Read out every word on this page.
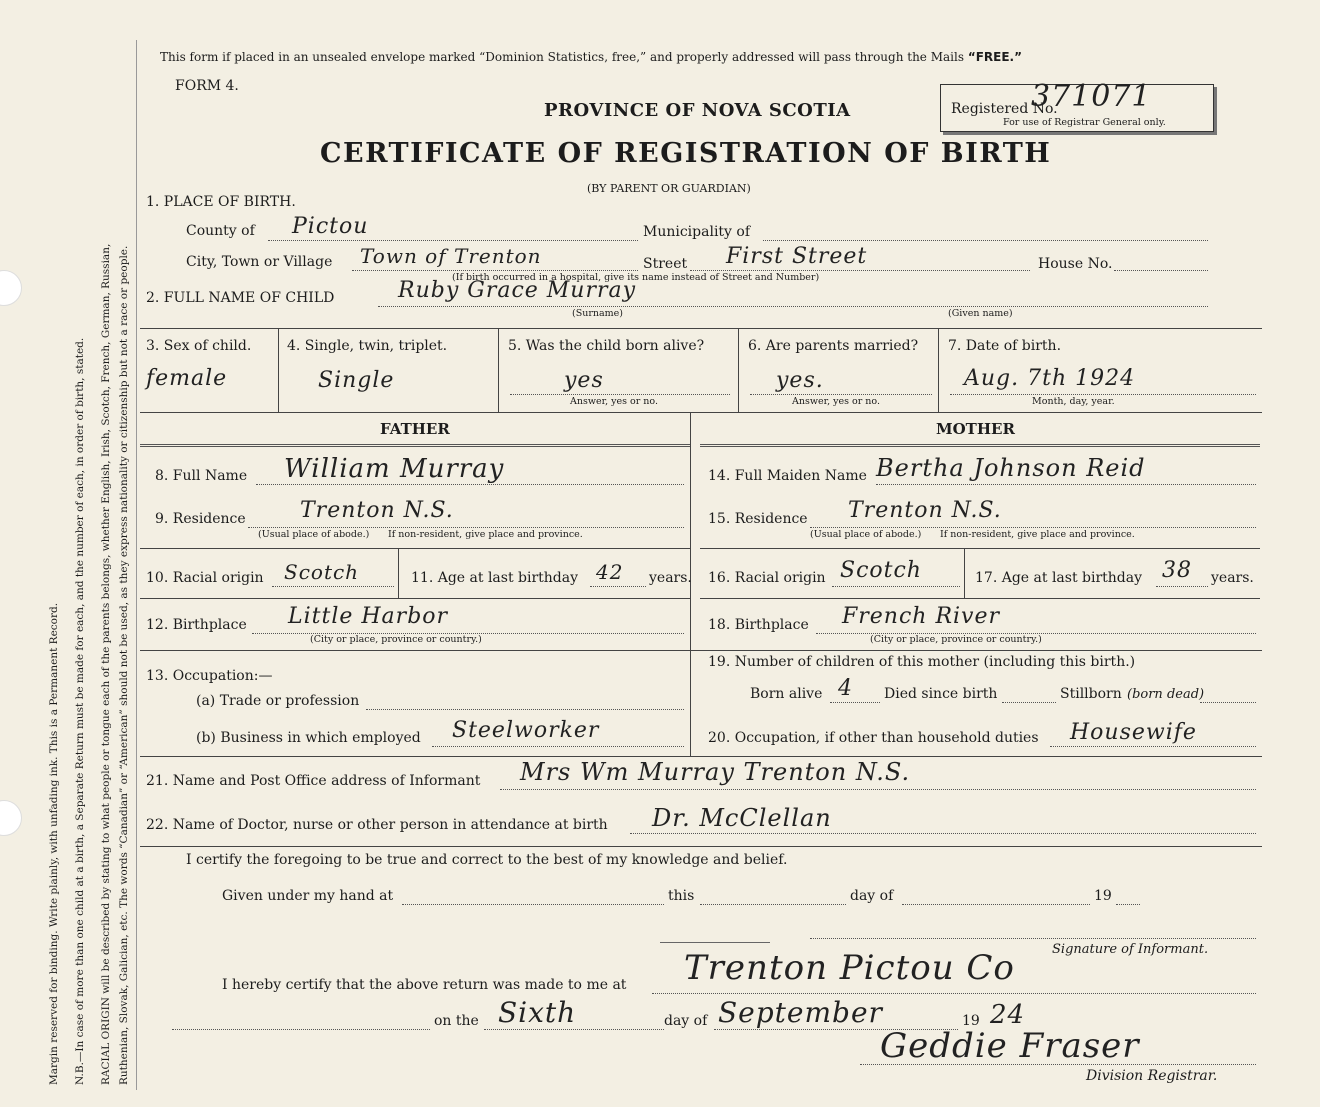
Margin reserved for binding. Write plainly, with unfading ink. This is a Permanent Record. N.B.—In case of more than one child at a birth, a Separate Return must be made for each, and the number of each, in order of birth, stated. RACIAL ORIGIN will be described by stating to what people or tongue each of the parents belongs, whether English, Irish, Scotch, French, German, Russian, Ruthenian, Slovak, Galician, etc. The words “Canadian” or “American” should not be used, as they express nationality or citizenship but not a race or people.
This form if placed in an unsealed envelope marked “Dominion Statistics, free,” and properly addressed will pass through the Mails “FREE.”
FORM 4.
PROVINCE OF NOVA SCOTIA	Registered No.
371071
For use of Registrar General only.
CERTIFICATE OF REGISTRATION OF BIRTH
(BY PARENT OR GUARDIAN)
1. PLACE OF BIRTH.
County of Pictou	Municipality of
City, Town or Village Town of Trenton	Street First Street	House No.
(If birth occurred in a hospital, give its name instead of Street and Number)
2. FULL NAME OF CHILD	Ruby Grace Murray
(Surname)	(Given name)
3. Sex of child.
female
4. Single, twin, triplet.
Single
5. Was the child born alive?
yes
Answer, yes or no.
6. Are parents married?
yes.
Answer, yes or no.
7. Date of birth.
Aug. 7th 1924
Month, day, year.
FATHER	MOTHER
8. Full Name William Murray
9. Residence Trenton N.S.
(Usual place of abode.) If non-resident, give place and province.
10. Racial origin Scotch	11. Age at last birthday 42 years.
12. Birthplace Little Harbor
(City or place, province or country.)
14. Full Maiden Name Bertha Johnson Reid
15. Residence Trenton N.S.
(Usual place of abode.) If non-resident, give place and province.
16. Racial origin Scotch	17. Age at last birthday 38 years.
18. Birthplace French River
(City or place, province or country.)
13. Occupation:—
(a) Trade or profession
(b) Business in which employed Steelworker
19. Number of children of this mother (including this birth.)
Born alive 4 Died since birth	Stillborn (born dead)
20. Occupation, if other than household duties Housewife
21. Name and Post Office address of Informant Mrs Wm Murray Trenton N.S.
22. Name of Doctor, nurse or other person in attendance at birth Dr. McClellan
I certify the foregoing to be true and correct to the best of my knowledge and belief.
Given under my hand at	this	day of	19
Signature of Informant.
I hereby certify that the above return was made to me at Trenton Pictou Co
on the Sixth	day of September	19 24
Geddie Fraser
Division Registrar.
